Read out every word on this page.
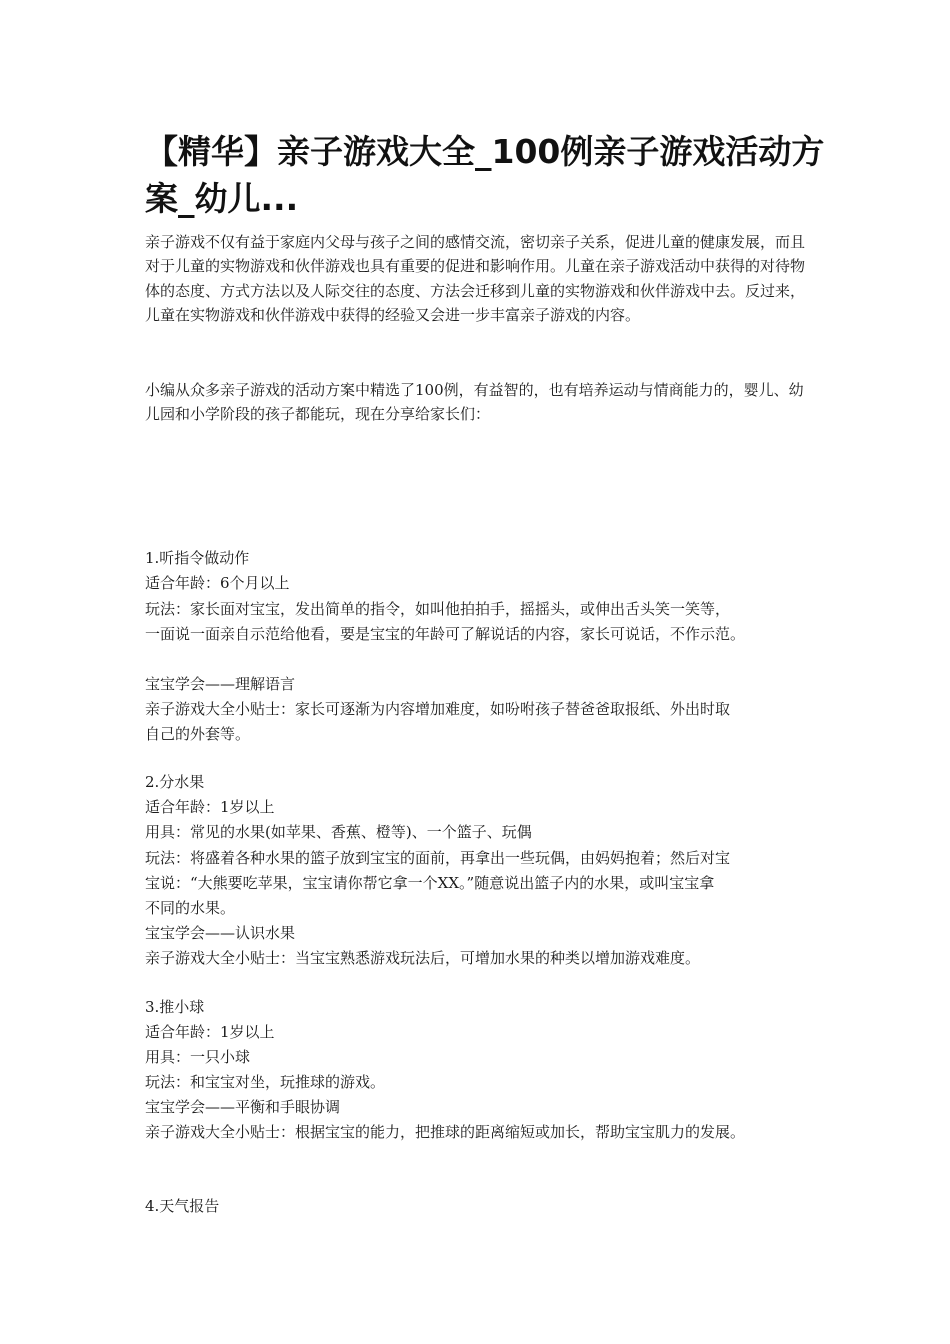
【精华】亲子游戏大全_100例亲子游戏活动方案_幼儿...

亲子游戏不仅有益于家庭内父母与孩子之间的感情交流，密切亲子关系，促进儿童的健康发展，而且对于儿童的实物游戏和伙伴游戏也具有重要的促进和影响作用。儿童在亲子游戏活动中获得的对待物体的态度、方式方法以及人际交往的态度、方法会迁移到儿童的实物游戏和伙伴游戏中去。反过来，儿童在实物游戏和伙伴游戏中获得的经验又会进一步丰富亲子游戏的内容。

小编从众多亲子游戏的活动方案中精选了100例，有益智的，也有培养运动与情商能力的，婴儿、幼儿园和小学阶段的孩子都能玩，现在分享给家长们：

1.听指令做动作
适合年龄：6个月以上
玩法：家长面对宝宝，发出简单的指令，如叫他拍拍手，摇摇头，或伸出舌头笑一笑等，
一面说一面亲自示范给他看，要是宝宝的年龄可了解说话的内容，家长可说话，不作示范。
宝宝学会——理解语言
亲子游戏大全小贴士：家长可逐渐为内容增加难度，如吩咐孩子替爸爸取报纸、外出时取
自己的外套等。
2.分水果
适合年龄：1岁以上
用具：常见的水果(如苹果、香蕉、橙等)、一个篮子、玩偶
玩法：将盛着各种水果的篮子放到宝宝的面前，再拿出一些玩偶，由妈妈抱着；然后对宝
宝说：“大熊要吃苹果，宝宝请你帮它拿一个XX。”随意说出篮子内的水果，或叫宝宝拿
不同的水果。
宝宝学会——认识水果
亲子游戏大全小贴士：当宝宝熟悉游戏玩法后，可增加水果的种类以增加游戏难度。
3.推小球
适合年龄：1岁以上
用具：一只小球
玩法：和宝宝对坐，玩推球的游戏。
宝宝学会——平衡和手眼协调
亲子游戏大全小贴士：根据宝宝的能力，把推球的距离缩短或加长，帮助宝宝肌力的发展。
4.天气报告
